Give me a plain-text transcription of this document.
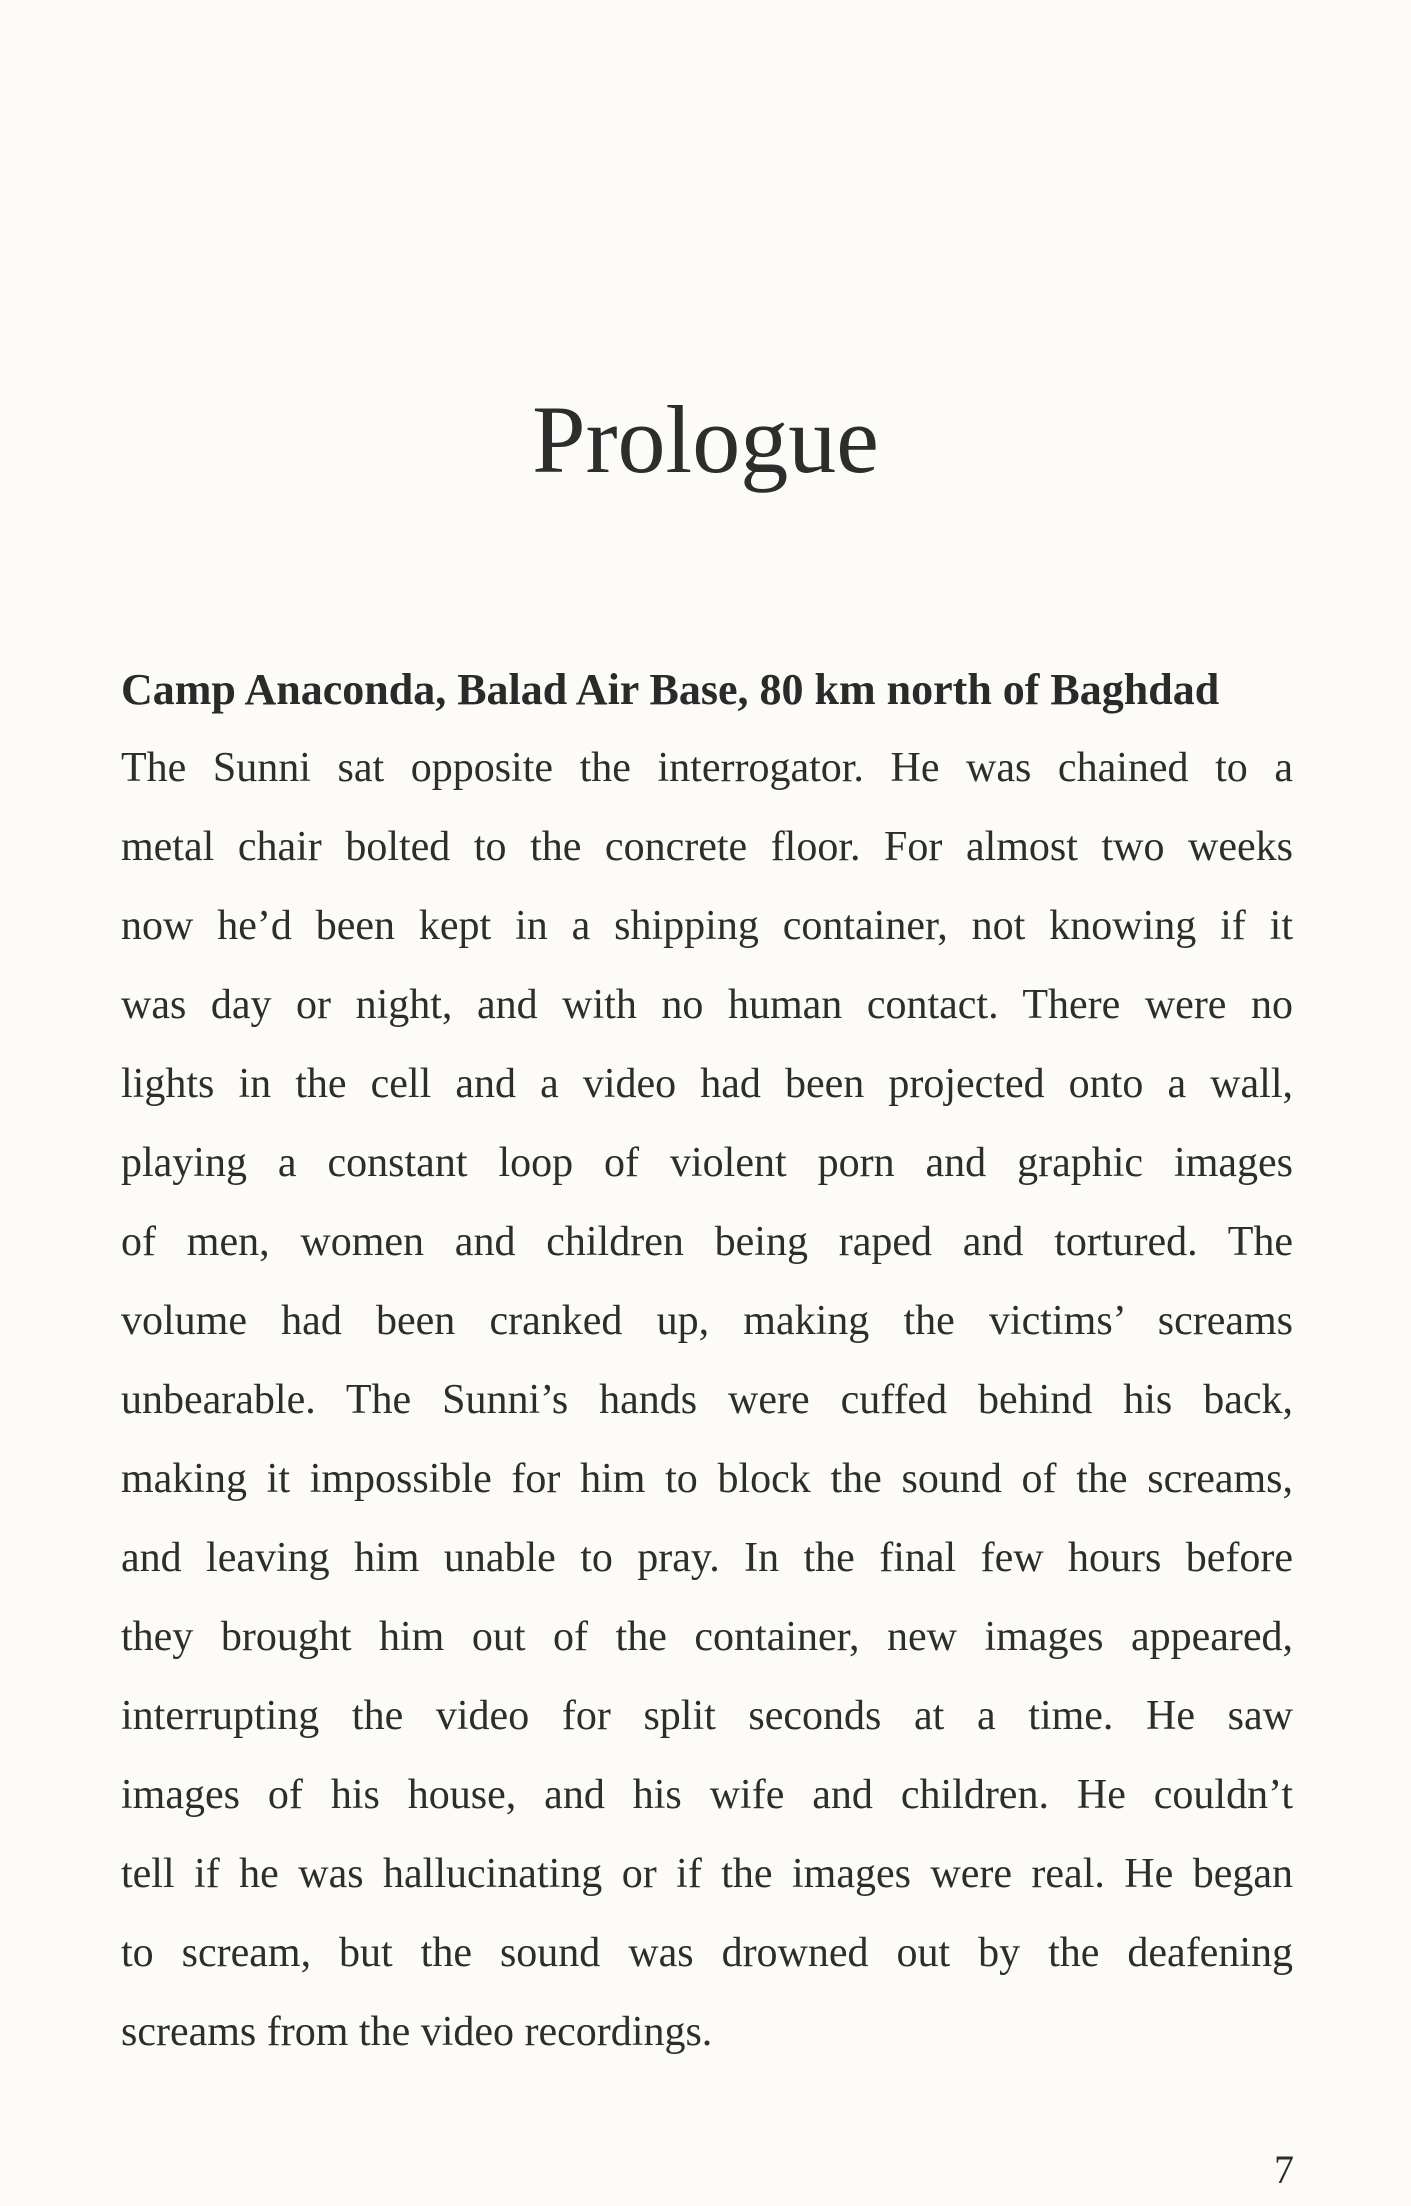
Prologue

Camp Anaconda, Balad Air Base, 80 km north of Baghdad

The Sunni sat opposite the interrogator. He was chained to a
metal chair bolted to the concrete floor. For almost two weeks
now he’d been kept in a shipping container, not knowing if it
was day or night, and with no human contact. There were no
lights in the cell and a video had been projected onto a wall,
playing a constant loop of violent porn and graphic images
of men, women and children being raped and tortured. The
volume had been cranked up, making the victims’ screams
unbearable. The Sunni’s hands were cuffed behind his back,
making it impossible for him to block the sound of the screams,
and leaving him unable to pray. In the final few hours before
they brought him out of the container, new images appeared,
interrupting the video for split seconds at a time. He saw
images of his house, and his wife and children. He couldn’t
tell if he was hallucinating or if the images were real. He began
to scream, but the sound was drowned out by the deafening
screams from the video recordings.
7
